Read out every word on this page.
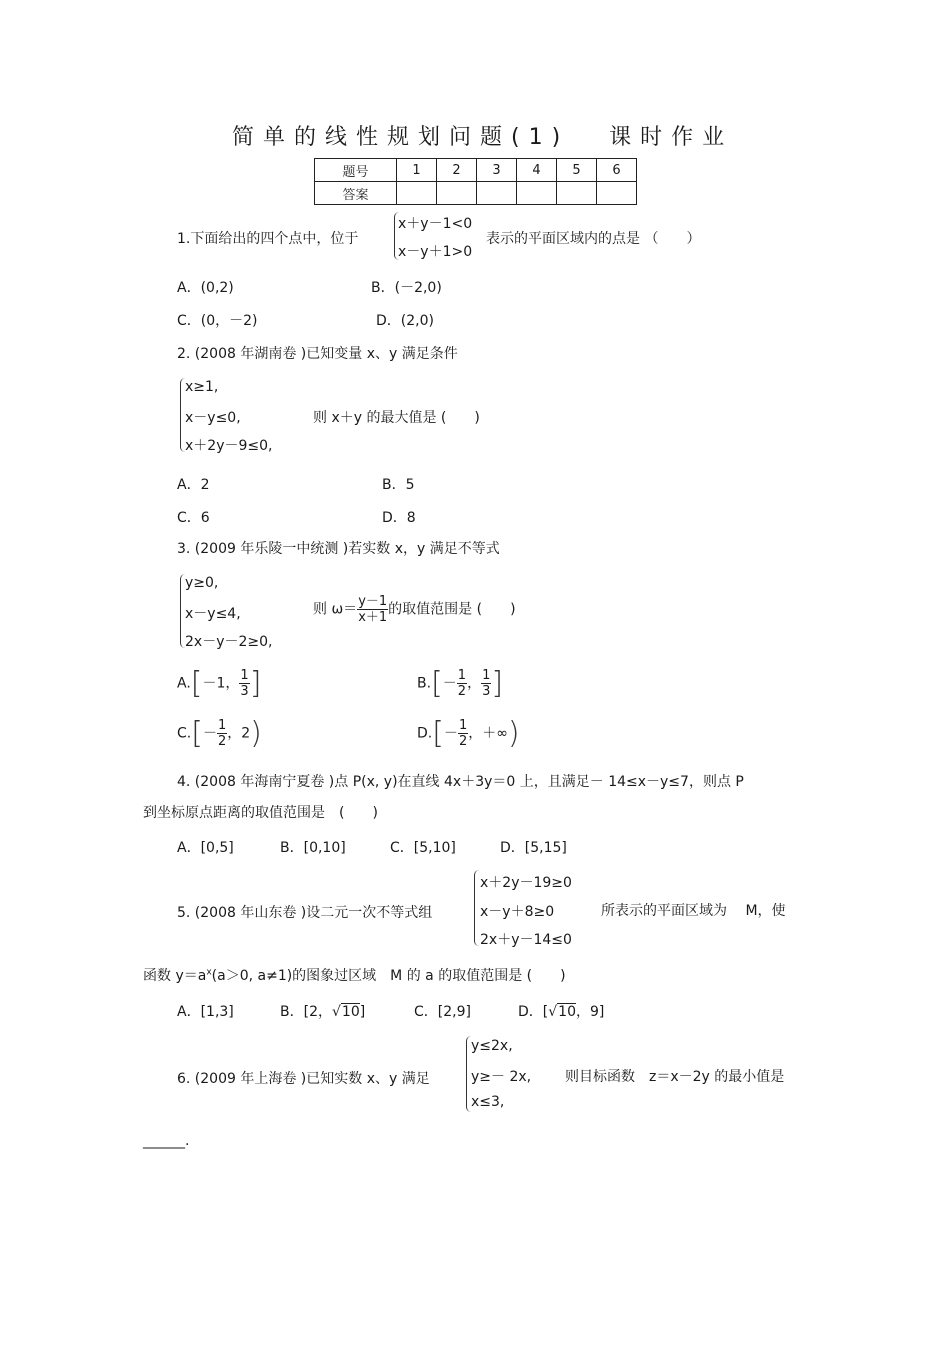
简单的线性规划问题(1) 课时作业
题号	1	2	3	4	5	6
答案						
1.下面给出的四个点中，位于
x＋y－1<0
x－y＋1>0
表示的平面区域内的点是 （　　）
A．(0,2)	B．(－2,0)
C．(0，－2)	D．(2,0)
2. (2008 年湖南卷 )已知变量 x、y 满足条件
x≥1,
x－y≤0,
x＋2y－9≤0,
则 x＋y 的最大值是 (　　)
A．2	B．5
C．6	D．8
3. (2009 年乐陵一中统测 )若实数 x，y 满足不等式
y≥0,
x－y≤4,
2x－y－2≥0,
则 $\omega= \frac{y-1}{x+1}$ 的取值范围是 (　　)
A.[－1， $\frac{1}{3}$ ]	$B.[- \frac{1}{2}$ ， $\frac{1}{3}$ ]
$C.[- \frac{1}{2}$ ，2)	$D.[- \frac{1}{2}$ ，＋∞)
4. (2008 年海南宁夏卷 )点 P(x, y)在直线 4x＋3y＝0 上，且满足－ 14≤x－y≤7，则点 P
到坐标原点距离的取值范围是　(　　)
A．[0,5]	B．[0,10]	C．[5,10]	D．[5,15]
5. (2008 年山东卷 )设二元一次不等式组
x＋2y－19≥0
x－y＋8≥0
2x＋y－14≤0
所表示的平面区域为　 M，使
函数 $y=a^x(a>0$, a≠1)的图象过区域　M 的 a 的取值范围是 (　　)
A．[1,3]	B．[2，√10]	C．[2,9]	D．[√10，9]
6. (2009 年上海卷 )已知实数 x、y 满足
y≤2x,
y≥－ 2x,
x≤3,
则目标函数　z＝x－2y 的最小值是
______.
